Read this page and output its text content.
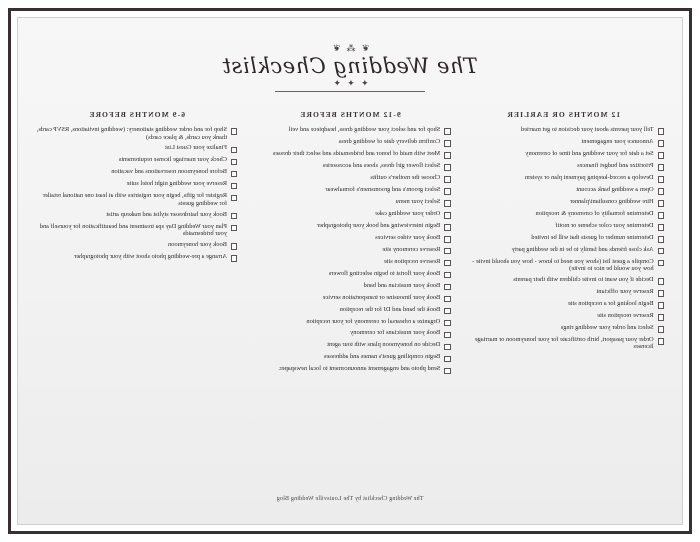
❦ ⁂ ❦
The Wedding Checklist
✦ ✦ ✦
12 MONTHS OR EARLIER
Tell your parents about your decision to get married
Announce your engagement
Set a date for your wedding and time of ceremony
Prioritize and budget finances
Develop a record-keeping payment plan or system
Open a wedding bank account
Hire wedding consultant/planner
Determine formality of ceremony & reception
Determine your color scheme or motif
Determine number of guests that will be invited
Ask close friends and family to be in the wedding party
Compile a guest list (show you need to know - how you should invite - how you would be nice to invite)
Decide if you want to invite children with their parents
Reserve your officiant
Begin looking for a reception site
Reserve reception site
Select and order your wedding rings
Order your passport, birth certificate for your honeymoon or marriage licenses
9-12 MONTHS BEFORE
Shop for and select your wedding dress, headpiece and veil
Confirm delivery date of wedding dress
Meet with maid of honor and bridesmaids and select their dresses
Select flower girl dress, shoes and accessories
Choose the mother's outfits
Select groom's and groomsmen's formalwear
Select your menu
Order your wedding cake
Begin interviewing and book your photographer
Book your video services
Reserve ceremony site
Reserve reception site
Book your florist to begin selecting flowers
Book your musician and band
Book your limousine or transportation service
Book the band and DJ for the reception
Organize a rehearsal or ceremony for your reception
Book your musicians for ceremony
Decide on honeymoon plans with tour agent
Begin compiling guest's names and addresses
Send photo and engagement announcement to local newspaper.
6-9 MONTHS BEFORE
Shop for and order wedding stationery: (wedding invitations, RSVP cards, thank you cards, & place cards)
Finalize your Guest List
Check your marriage license requirements
Before honeymoon reservations and vacation
Reserve your wedding night hotel suite
Register for gifts, begin your registries with at least one national retailer for wedding guests
Book your hairdresser stylist and makeup artist
Plan your Wedding Day spa treatment and beautification for yourself and your bridesmaids
Book your honeymoon
Arrange a pre-wedding photo shoot with your photographer
The Wedding Checklist by The Louisville Wedding Blog
